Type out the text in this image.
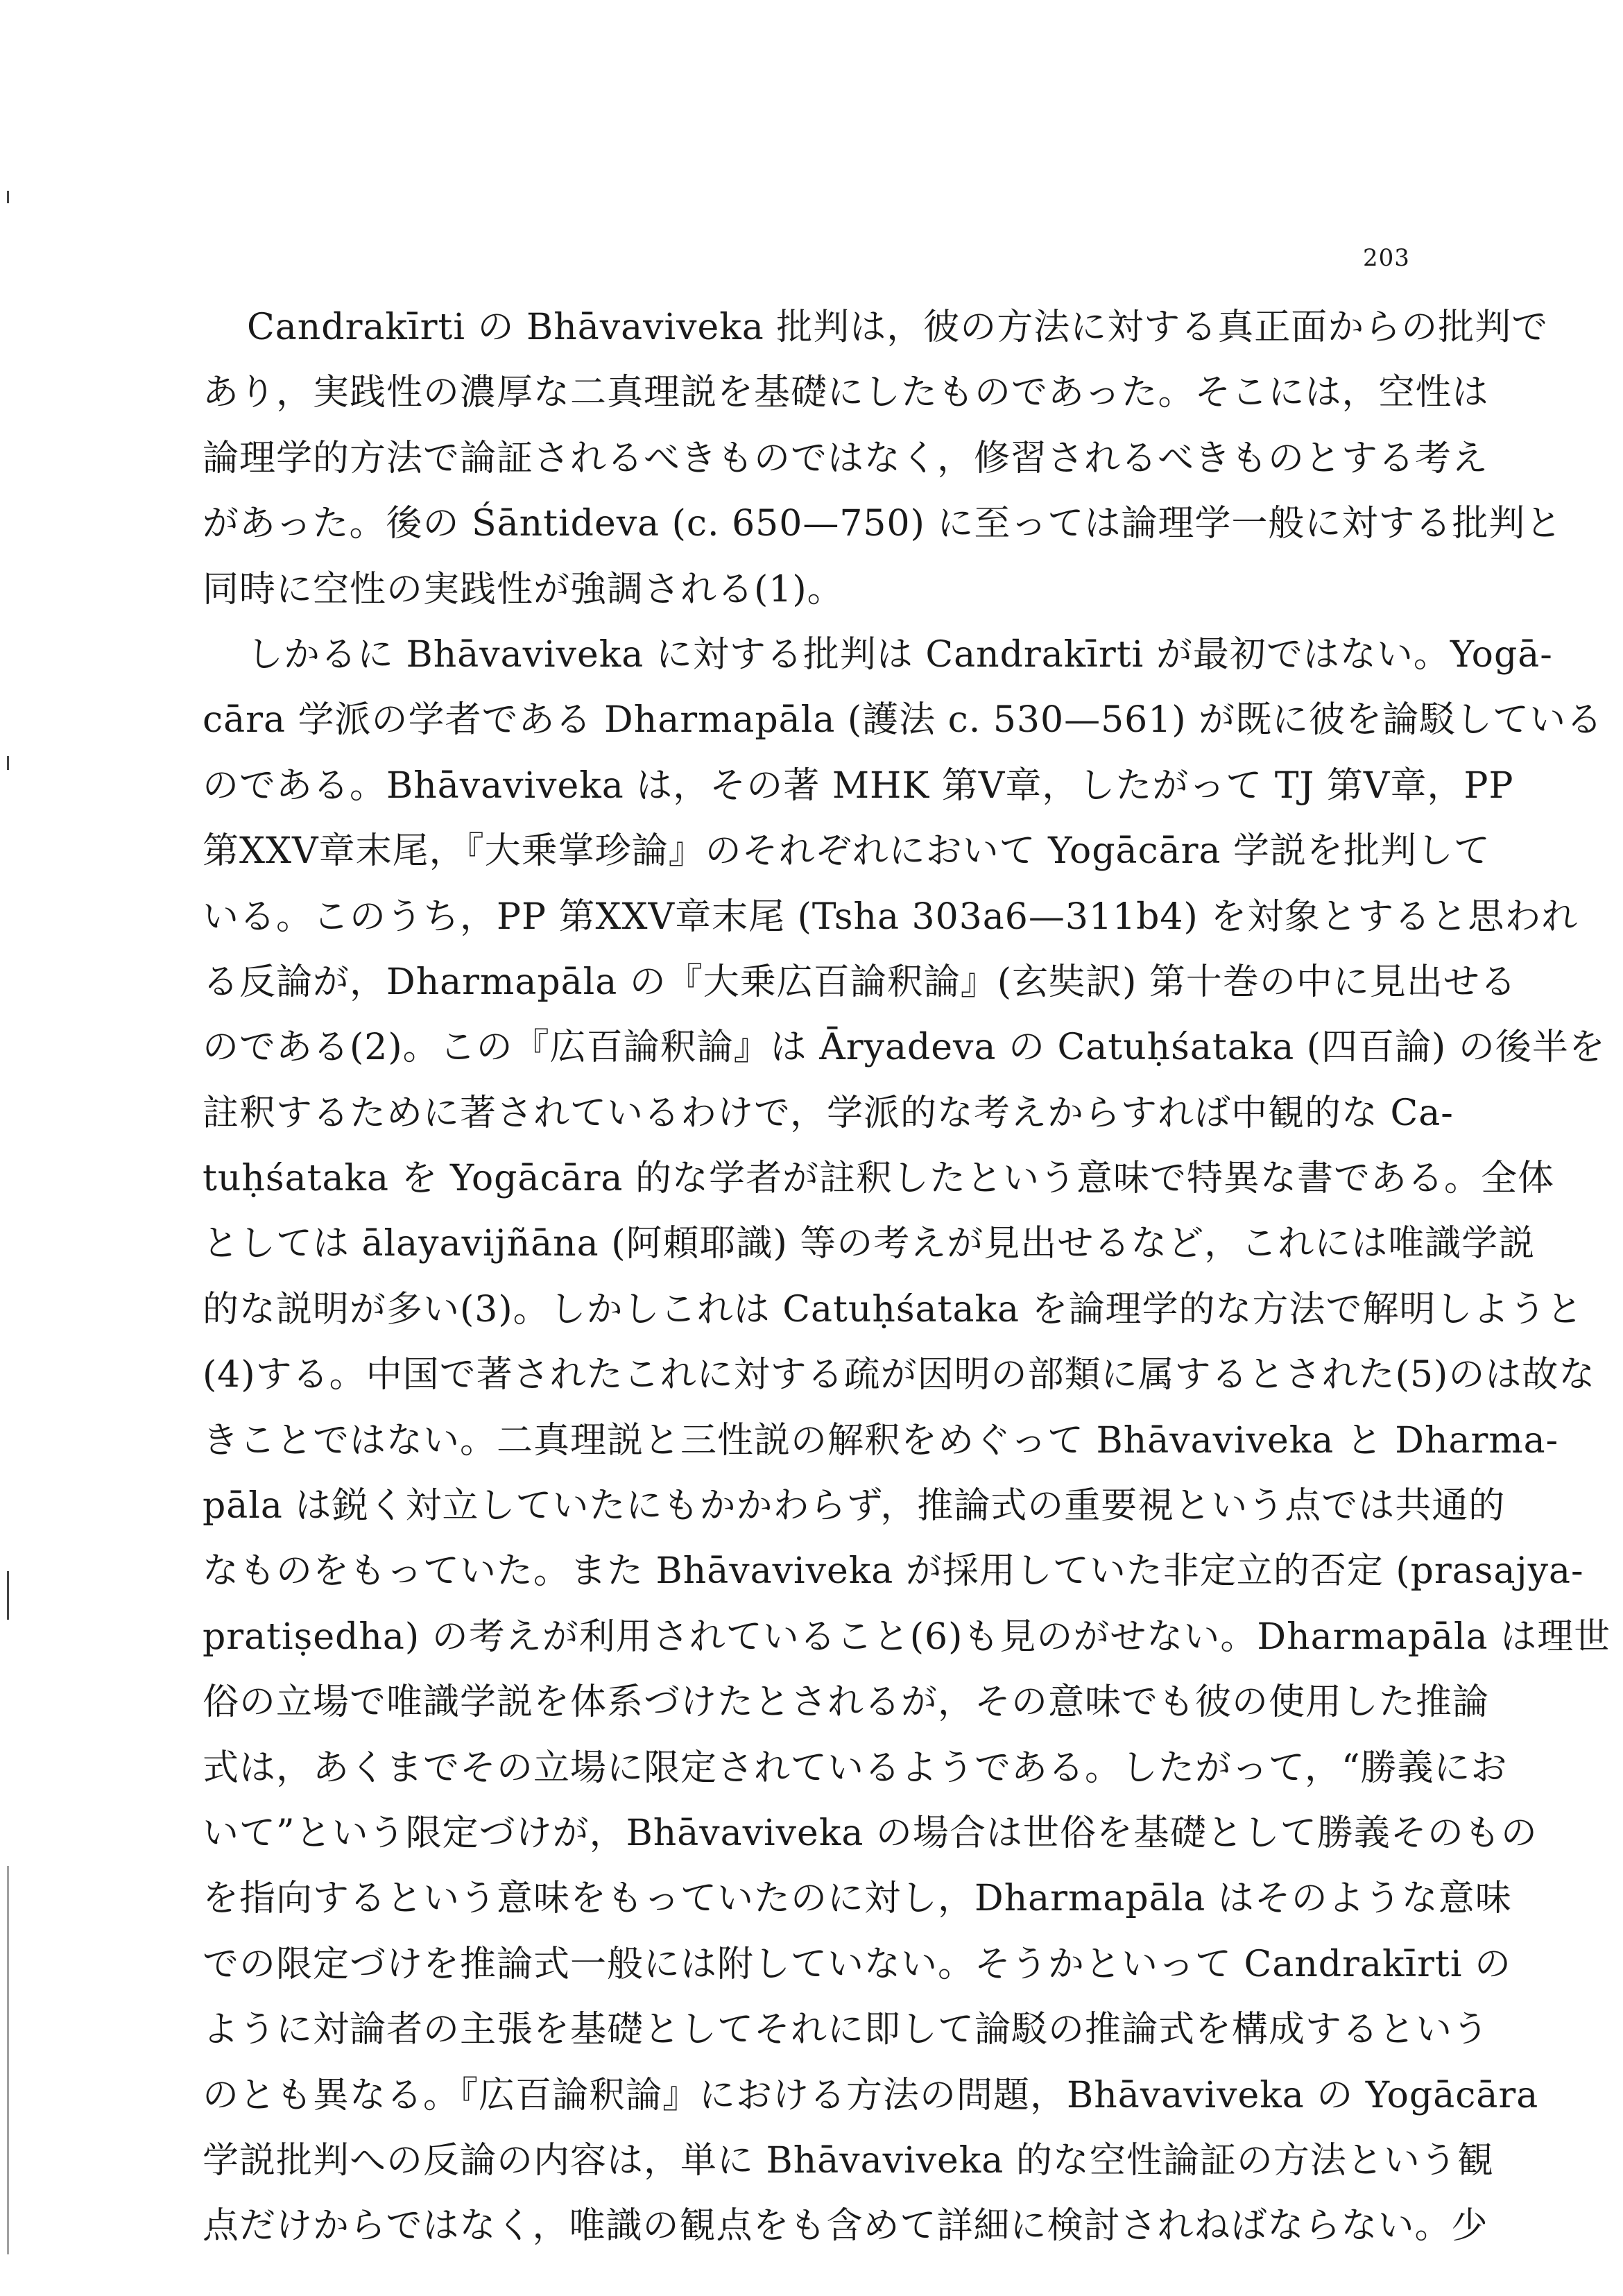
203
Candrakīrti の Bhāvaviveka 批判は，彼の方法に対する真正面からの批判で
あり，実践性の濃厚な二真理説を基礎にしたものであった。そこには，空性は
論理学的方法で論証されるべきものではなく，修習されるべきものとする考え
があった。後の Śāntideva (c. 650—750) に至っては論理学一般に対する批判と
同時に空性の実践性が強調される(1)。
しかるに Bhāvaviveka に対する批判は Candrakīrti が最初ではない。Yogā-
cāra 学派の学者である Dharmapāla (護法 c. 530—561) が既に彼を論駁している
のである。Bhāvaviveka は，その著 MHK 第V章，したがって TJ 第V章，PP
第XXV章末尾，『大乗掌珍論』のそれぞれにおいて Yogācāra 学説を批判して
いる。このうち，PP 第XXV章末尾 (Tsha 303a6—311b4) を対象とすると思われ
る反論が，Dharmapāla の『大乗広百論釈論』(玄奘訳) 第十巻の中に見出せる
のである(2)。この『広百論釈論』は Āryadeva の Catuḥśataka (四百論) の後半を
註釈するために著されているわけで，学派的な考えからすれば中観的な Ca-
tuḥśataka を Yogācāra 的な学者が註釈したという意味で特異な書である。全体
としては ālayavijñāna (阿頼耶識) 等の考えが見出せるなど，これには唯識学説
的な説明が多い(3)。しかしこれは Catuḥśataka を論理学的な方法で解明しようと
(4)する。中国で著されたこれに対する疏が因明の部類に属するとされた(5)のは故な
きことではない。二真理説と三性説の解釈をめぐって Bhāvaviveka と Dharma-
pāla は鋭く対立していたにもかかわらず，推論式の重要視という点では共通的
なものをもっていた。また Bhāvaviveka が採用していた非定立的否定 (prasajya-
pratiṣedha) の考えが利用されていること(6)も見のがせない。Dharmapāla は理世
俗の立場で唯識学説を体系づけたとされるが，その意味でも彼の使用した推論
式は，あくまでその立場に限定されているようである。したがって，“勝義にお
いて”という限定づけが，Bhāvaviveka の場合は世俗を基礎として勝義そのもの
を指向するという意味をもっていたのに対し，Dharmapāla はそのような意味
での限定づけを推論式一般には附していない。そうかといって Candrakīrti の
ように対論者の主張を基礎としてそれに即して論駁の推論式を構成するという
のとも異なる。『広百論釈論』における方法の問題，Bhāvaviveka の Yogācāra
学説批判への反論の内容は，単に Bhāvaviveka 的な空性論証の方法という観
点だけからではなく，唯識の観点をも含めて詳細に検討されねばならない。少
